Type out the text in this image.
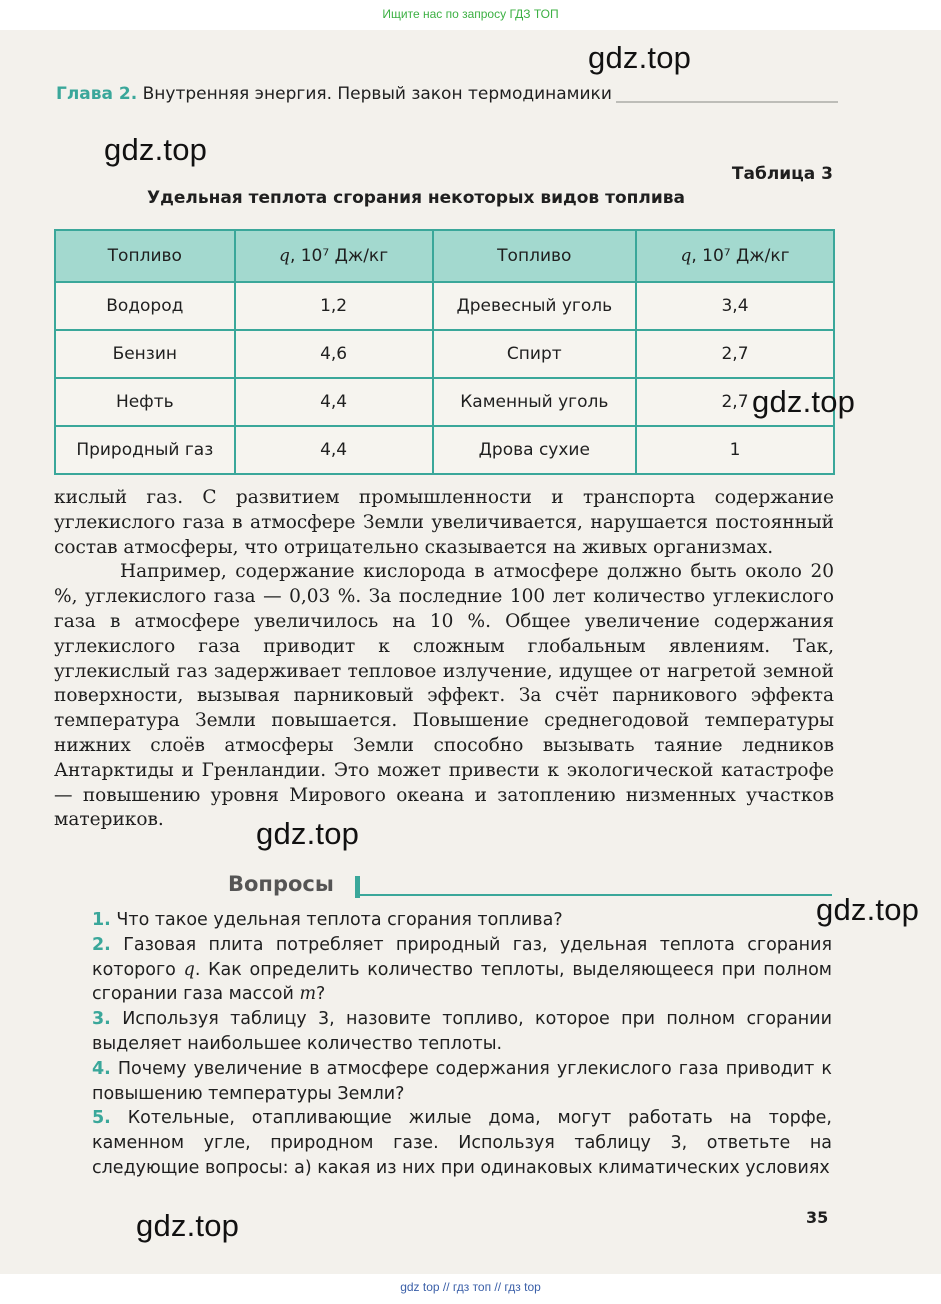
Ищите нас по запросу ГДЗ ТОП
Глава 2. Внутренняя энергия. Первый закон термодинамики
Таблица 3
Удельная теплота сгорания некоторых видов топлива
Топливо	q, 10⁷ Дж/кг	Топливо	q, 10⁷ Дж/кг
Водород	1,2	Древесный уголь	3,4
Бензин	4,6	Спирт	2,7
Нефть	4,4	Каменный уголь	2,7
Природный газ	4,4	Дрова сухие	1

кислый газ. С развитием промышленности и транспорта содержание углекислого газа в атмосфере Земли увеличивается, нарушается постоянный состав атмосферы, что отрицательно сказывается на живых организмах.

Например, содержание кислорода в атмосфере должно быть около 20 %, углекислого газа — 0,03 %. За последние 100 лет количество углекислого газа в атмосфере увеличилось на 10 %. Общее увеличение содержания углекислого газа приводит к сложным глобальным явлениям. Так, углекислый газ задерживает тепловое излучение, идущее от нагретой земной поверхности, вызывая парниковый эффект. За счёт парникового эффекта температура Земли повышается. Повышение среднегодовой температуры нижних слоёв атмосферы Земли способно вызывать таяние ледников Антарктиды и Гренландии. Это может привести к экологической катастрофе — повышению уровня Мирового океана и затоплению низменных участков материков.

Вопросы

1. Что такое удельная теплота сгорания топлива?

2. Газовая плита потребляет природный газ, удельная теплота сгорания которого q. Как определить количество теплоты, выделяющееся при полном сгорании газа массой m?

3. Используя таблицу 3, назовите топливо, которое при полном сгорании выделяет наибольшее количество теплоты.

4. Почему увеличение в атмосфере содержания углекислого газа приводит к повышению температуры Земли?

5. Котельные, отапливающие жилые дома, могут работать на торфе, каменном угле, природном газе. Используя таблицу 3, ответьте на следующие вопросы: а) какая из них при одинаковых климатических условиях

35
gdz.top
gdz.top
gdz.top
gdz.top
gdz.top
gdz.top
gdz top // гдз топ // гдз top
